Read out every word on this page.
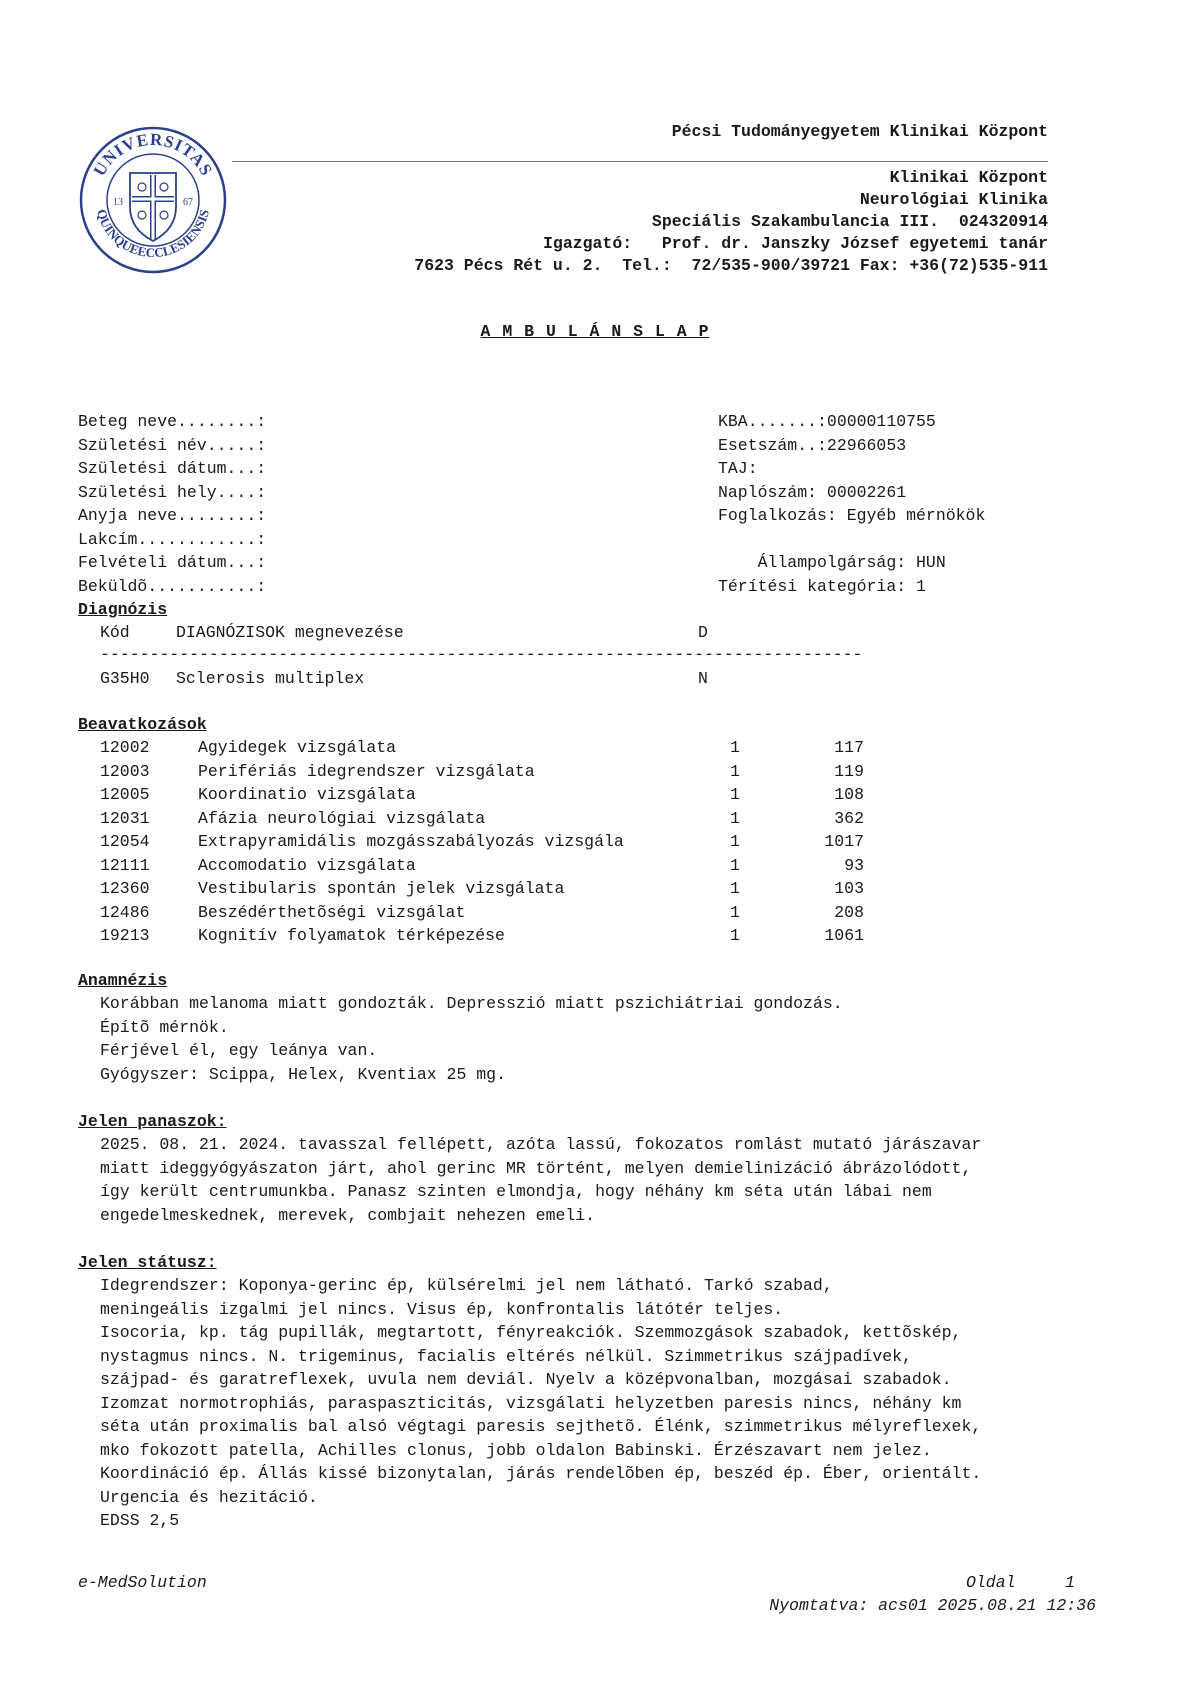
UNIVERSITAS
QUINQUEECCLESIENSIS
13	67
Pécsi Tudományegyetem Klinikai Központ
Klinikai Központ
Neurológiai Klinika
Speciális Szakambulancia III.  024320914
Igazgató:   Prof. dr. Janszky József egyetemi tanár
7623 Pécs Rét u. 2.  Tel.:  72/535-900/39721 Fax: +36(72)535-911
A M B U L Á N S L A P
Beteg neve........:
Születési név.....:
Születési dátum...:
Születési hely....:
Anyja neve........:
Lakcím............:
Felvételi dátum...:
Beküldõ...........:
KBA.......:00000110755
Esetszám..:22966053
TAJ:
Naplószám: 00002261
Foglalkozás: Egyéb mérnökök
Állampolgárság: HUN
Térítési kategória: 1
Diagnózis
Kód	DIAGNÓZISOK megnevezése	D
-----------------------------------------------------------------------------
G35H0 Sclerosis multiplex	N
Beavatkozások
12002	Agyidegek vizsgálata	1	117
12003	Perifériás idegrendszer vizsgálata	1	119
12005	Koordinatio vizsgálata	1	108
12031	Afázia neurológiai vizsgálata	1	362
12054	Extrapyramidális mozgásszabályozás vizsgála	1	1017
12111	Accomodatio vizsgálata	1	93
12360	Vestibularis spontán jelek vizsgálata	1	103
12486	Beszédérthetõségi vizsgálat	1	208
19213	Kognitív folyamatok térképezése	1	1061
Anamnézis
Korábban melanoma miatt gondozták. Depresszió miatt pszichiátriai gondozás.
Építõ mérnök.
Férjével él, egy leánya van.
Gyógyszer: Scippa, Helex, Kventiax 25 mg.
Jelen panaszok:
2025. 08. 21. 2024. tavasszal fellépett, azóta lassú, fokozatos romlást mutató járászavar
miatt ideggyógyászaton járt, ahol gerinc MR történt, melyen demielinizáció ábrázolódott,
így került centrumunkba. Panasz szinten elmondja, hogy néhány km séta után lábai nem
engedelmeskednek, merevek, combjait nehezen emeli.
Jelen státusz:
Idegrendszer: Koponya-gerinc ép, külsérelmi jel nem látható. Tarkó szabad,
meningeális izgalmi jel nincs. Visus ép, konfrontalis látótér teljes.
Isocoria, kp. tág pupillák, megtartott, fényreakciók. Szemmozgások szabadok, kettõskép,
nystagmus nincs. N. trigeminus, facialis eltérés nélkül. Szimmetrikus szájpadívek,
szájpad- és garatreflexek, uvula nem deviál. Nyelv a középvonalban, mozgásai szabadok.
Izomzat normotrophiás, paraspaszticitás, vizsgálati helyzetben paresis nincs, néhány km
séta után proximalis bal alsó végtagi paresis sejthetõ. Élénk, szimmetrikus mélyreflexek,
mko fokozott patella, Achilles clonus, jobb oldalon Babinski. Érzészavart nem jelez.
Koordináció ép. Állás kissé bizonytalan, járás rendelõben ép, beszéd ép. Éber, orientált.
Urgencia és hezitáció.
EDSS 2,5
e-MedSolution	Oldal	1
Nyomtatva: acs01 2025.08.21 12:36
